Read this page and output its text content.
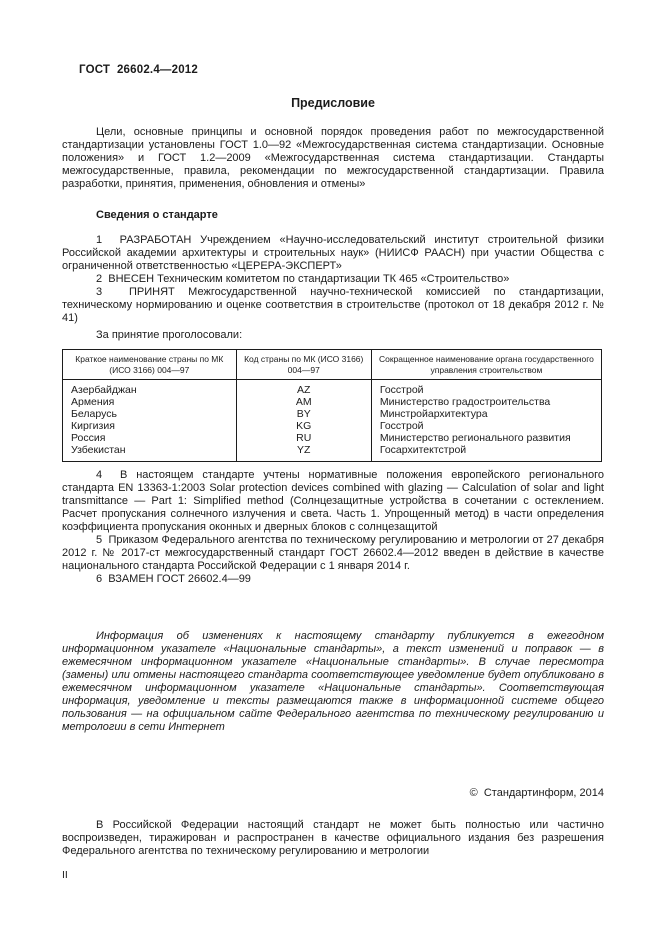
ГОСТ  26602.4—2012

Предисловие

Цели, основные принципы и основной порядок проведения работ по межгосударственной стандартизации установлены ГОСТ 1.0—92 «Межгосударственная система стандартизации. Основные положения» и ГОСТ 1.2—2009 «Межгосударственная система стандартизации. Стандарты межгосударственные, правила, рекомендации по межгосударственной стандартизации. Правила разработки, принятия, применения, обновления и отмены»

Сведения о стандарте

1  РАЗРАБОТАН Учреждением «Научно-исследовательский институт строительной физики Российской академии архитектуры и строительных наук» (НИИСФ РААСН) при участии Общества с ограниченной ответственностью «ЦЕРЕРА-ЭКСПЕРТ»

2  ВНЕСЕН Техническим комитетом по стандартизации ТК 465 «Строительство»

3  ПРИНЯТ Межгосударственной научно-технической комиссией по стандартизации, техническому нормированию и оценке соответствия в строительстве (протокол от 18 декабря 2012 г. № 41)

За принятие проголосовали:

Краткое наименование страны по МК (ИСО 3166) 004—97	Код страны по МК (ИСО 3166) 004—97	Сокращенное наименование органа государственного управления строительством
Азербайджан	AZ	Госстрой
Армения	AM	Министерство градостроительства
Беларусь	BY	Минстройархитектура
Киргизия	KG	Госстрой
Россия	RU	Министерство регионального развития
Узбекистан	YZ	Госархитектстрой

4  В настоящем стандарте учтены нормативные положения европейского регионального стандарта EN 13363-1:2003 Solar protection devices combined with glazing — Calculation of solar and light transmittance — Part 1: Simplified method (Солнцезащитные устройства в сочетании с остеклением. Расчет пропускания солнечного излучения и света. Часть 1. Упрощенный метод) в части определения коэффициента пропускания оконных и дверных блоков с солнцезащитой

5  Приказом Федерального агентства по техническому регулированию и метрологии от 27 декабря 2012 г. № 2017-ст межгосударственный стандарт ГОСТ 26602.4—2012 введен в действие в качестве национального стандарта Российской Федерации с 1 января 2014 г.

6  ВЗАМЕН ГОСТ 26602.4—99

Информация об изменениях к настоящему стандарту публикуется в ежегодном информационном указателе «Национальные стандарты», а текст изменений и поправок — в ежемесячном информационном указателе «Национальные стандарты». В случае пересмотра (замены) или отмены настоящего стандарта соответствующее уведомление будет опубликовано в ежемесячном информационном указателе «Национальные стандарты». Соответствующая информация, уведомление и тексты размещаются также в информационной системе общего пользования — на официальном сайте Федерального агентства по техническому регулированию и метрологии в сети Интернет

©  Стандартинформ, 2014

В Российской Федерации настоящий стандарт не может быть полностью или частично воспроизведен, тиражирован и распространен в качестве официального издания без разрешения Федерального агентства по техническому регулированию и метрологии

II
